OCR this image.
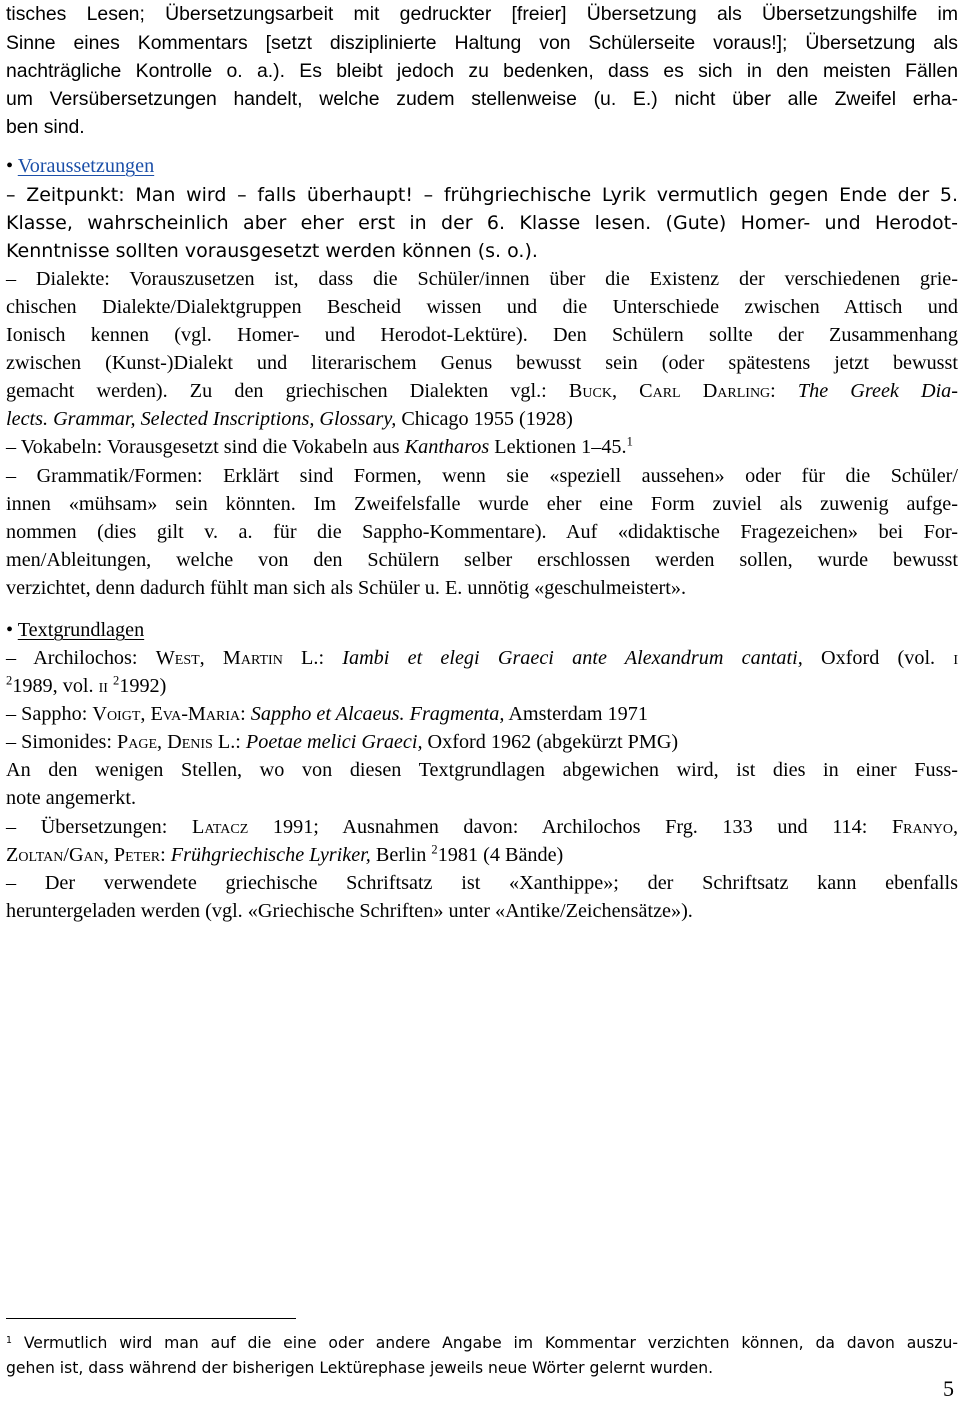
tisches Lesen; Übersetzungsarbeit mit gedruckter [freier] Übersetzung als Übersetzungshilfe im
Sinne eines Kommentars [setzt disziplinierte Haltung von Schülerseite voraus!]; Übersetzung als
nachträgliche Kontrolle o. a.). Es bleibt jedoch zu bedenken, dass es sich in den meisten Fällen
um Versübersetzungen handelt, welche zudem stellenweise (u. E.) nicht über alle Zweifel erha-
ben sind.
• Voraussetzungen
– Zeitpunkt: Man wird – falls überhaupt! – frühgriechische Lyrik vermutlich gegen Ende der 5.
Klasse, wahrscheinlich aber eher erst in der 6. Klasse lesen. (Gute) Homer- und Herodot-
Kenntnisse sollten vorausgesetzt werden können (s. o.).
– Dialekte: Vorauszusetzen ist, dass die Schüler/innen über die Existenz der verschiedenen grie-
chischen Dialekte/Dialektgruppen Bescheid wissen und die Unterschiede zwischen Attisch und
Ionisch kennen (vgl. Homer- und Herodot-Lektüre). Den Schülern sollte der Zusammenhang
zwischen (Kunst-)Dialekt und literarischem Genus bewusst sein (oder spätestens jetzt bewusst
gemacht werden). Zu den griechischen Dialekten vgl.: Buck, Carl Darling: The Greek Dia-
lects. Grammar, Selected Inscriptions, Glossary, Chicago 1955 (1928)
– Vokabeln: Vorausgesetzt sind die Vokabeln aus Kantharos Lektionen 1–45.$^1$
– Grammatik/Formen: Erklärt sind Formen, wenn sie «speziell aussehen» oder für die Schüler/
innen «mühsam» sein könnten. Im Zweifelsfalle wurde eher eine Form zuviel als zuwenig aufge-
nommen (dies gilt v. a. für die Sappho-Kommentare). Auf «didaktische Fragezeichen» bei For-
men/Ableitungen, welche von den Schülern selber erschlossen werden sollen, wurde bewusst
verzichtet, denn dadurch fühlt man sich als Schüler u. E. unnötig «geschulmeistert».
• Textgrundlagen
– Archilochos: West, Martin L.: Iambi et elegi Graeci ante Alexandrum cantati, Oxford (vol. i
$^2$1989, vol. ii $^2$1992)
– Sappho: Voigt, Eva-Maria: Sappho et Alcaeus. Fragmenta, Amsterdam 1971
– Simonides: Page, Denis L.: Poetae melici Graeci, Oxford 1962 (abgekürzt PMG)
An den wenigen Stellen, wo von diesen Textgrundlagen abgewichen wird, ist dies in einer Fuss-
note angemerkt.
– Übersetzungen: Latacz 1991; Ausnahmen davon: Archilochos Frg. 133 und 114: Franyo,
Zoltan/Gan, Peter: Frühgriechische Lyriker, Berlin $^2$1981 (4 Bände)
– Der verwendete griechische Schriftsatz ist «Xanthippe»; der Schriftsatz kann ebenfalls
heruntergeladen werden (vgl. «Griechische Schriften» unter «Antike/Zeichensätze»).
$^1$ Vermutlich wird man auf die eine oder andere Angabe im Kommentar verzichten können, da davon auszu-
gehen ist, dass während der bisherigen Lektürephase jeweils neue Wörter gelernt wurden.
5
